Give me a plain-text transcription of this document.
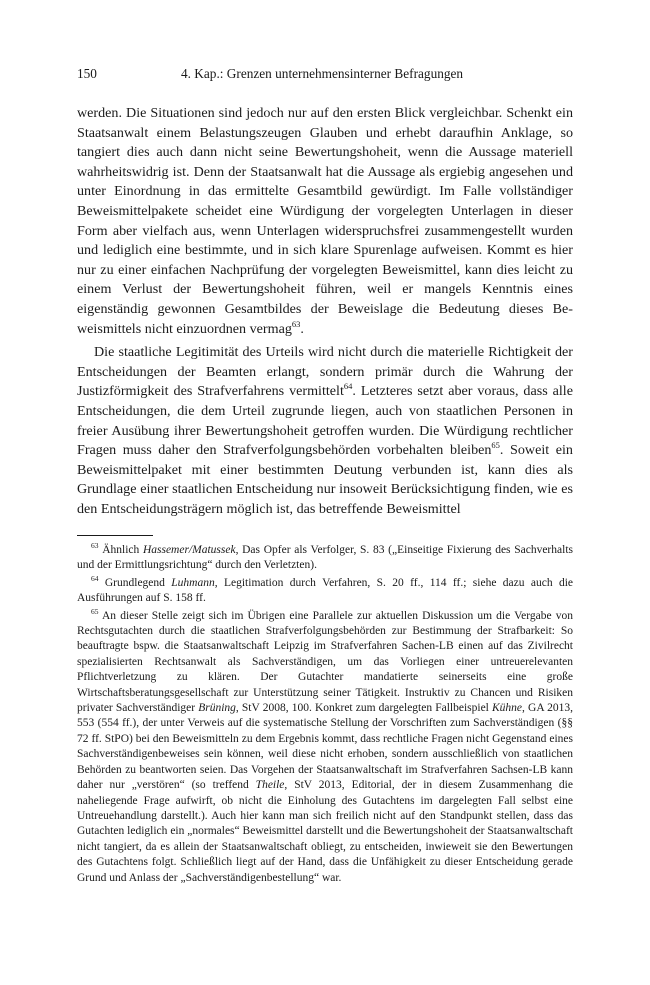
150	4. Kap.: Grenzen unternehmensinterner Befragungen

werden. Die Situationen sind jedoch nur auf den ersten Blick vergleichbar. Schenkt ein Staatsanwalt einem Belastungszeugen Glauben und erhebt daraufhin Anklage, so tangiert dies auch dann nicht seine Bewertungshoheit, wenn die Aussage materiell wahrheitswidrig ist. Denn der Staatsanwalt hat die Aussage als ergiebig angesehen und unter Einordnung in das ermittelte Gesamtbild gewürdigt. Im Falle vollständiger Beweismittelpakete scheidet eine Würdigung der vorgelegten Unterlagen in dieser Form aber vielfach aus, wenn Unterlagen widerspruchsfrei zusammengestellt wurden und lediglich eine bestimmte, und in sich klare Spurenlage aufweisen. Kommt es hier nur zu einer einfachen Nachprüfung der vorgelegten Beweismittel, kann dies leicht zu einem Verlust der Bewertungshoheit führen, weil er mangels Kenntnis eines eigenständig gewonnen Gesamtbildes der Beweislage die Bedeutung dieses Beweismittels nicht einzuordnen vermag$^{63}$.

Die staatliche Legitimität des Urteils wird nicht durch die materielle Richtigkeit der Entscheidungen der Beamten erlangt, sondern primär durch die Wahrung der Justizförmigkeit des Strafverfahrens vermittelt$^{64}$. Letzteres setzt aber voraus, dass alle Entscheidungen, die dem Urteil zugrunde liegen, auch von staatlichen Personen in freier Ausübung ihrer Bewertungshoheit getroffen wurden. Die Würdigung rechtlicher Fragen muss daher den Strafverfolgungsbehörden vorbehalten bleiben$^{65}$. Soweit ein Beweismittelpaket mit einer bestimmten Deutung verbunden ist, kann dies als Grundlage einer staatlichen Entscheidung nur insoweit Berücksichtigung finden, wie es den Entscheidungsträgern möglich ist, das betreffende Beweismittel

$^{63}$ Ähnlich Hassemer/Matussek, Das Opfer als Verfolger, S. 83 („Einseitige Fixierung des Sachverhalts und der Ermittlungsrichtung“ durch den Verletzten).

$^{64}$ Grundlegend Luhmann, Legitimation durch Verfahren, S. 20 ff., 114 ff.; siehe dazu auch die Ausführungen auf S. 158 ff.

$^{65}$ An dieser Stelle zeigt sich im Übrigen eine Parallele zur aktuellen Diskussion um die Vergabe von Rechtsgutachten durch die staatlichen Strafverfolgungsbehörden zur Bestimmung der Strafbarkeit: So beauftragte bspw. die Staatsanwaltschaft Leipzig im Strafverfahren Sachen-LB einen auf das Zivilrecht spezialisierten Rechtsanwalt als Sachverständigen, um das Vorliegen einer untreuerelevanten Pflichtverletzung zu klären. Der Gutachter mandatierte seinerseits eine große Wirtschaftsberatungsgesellschaft zur Unterstützung seiner Tätigkeit. Instruktiv zu Chancen und Risiken privater Sachverständiger Brüning, StV 2008, 100. Konkret zum dargelegten Fallbeispiel Kühne, GA 2013, 553 (554 ff.), der unter Verweis auf die systematische Stellung der Vorschriften zum Sachverständigen (§§ 72 ff. StPO) bei den Beweismitteln zu dem Ergebnis kommt, dass rechtliche Fragen nicht Gegenstand eines Sachverständigenbeweises sein können, weil diese nicht erhoben, sondern ausschließlich von staatlichen Behörden zu beantworten seien. Das Vorgehen der Staatsanwaltschaft im Strafverfahren Sachsen-LB kann daher nur „verstören“ (so treffend Theile, StV 2013, Editorial, der in diesem Zusammenhang die naheliegende Frage aufwirft, ob nicht die Einholung des Gutachtens im dargelegten Fall selbst eine Untreuehandlung darstellt.). Auch hier kann man sich freilich nicht auf den Standpunkt stellen, dass das Gutachten lediglich ein „normales“ Beweismittel darstellt und die Bewertungshoheit der Staatsanwaltschaft nicht tangiert, da es allein der Staatsanwaltschaft obliegt, zu entscheiden, inwieweit sie den Bewertungen des Gutachtens folgt. Schließlich liegt auf der Hand, dass die Unfähigkeit zu dieser Entscheidung gerade Grund und Anlass der „Sachverständigenbestellung“ war.
